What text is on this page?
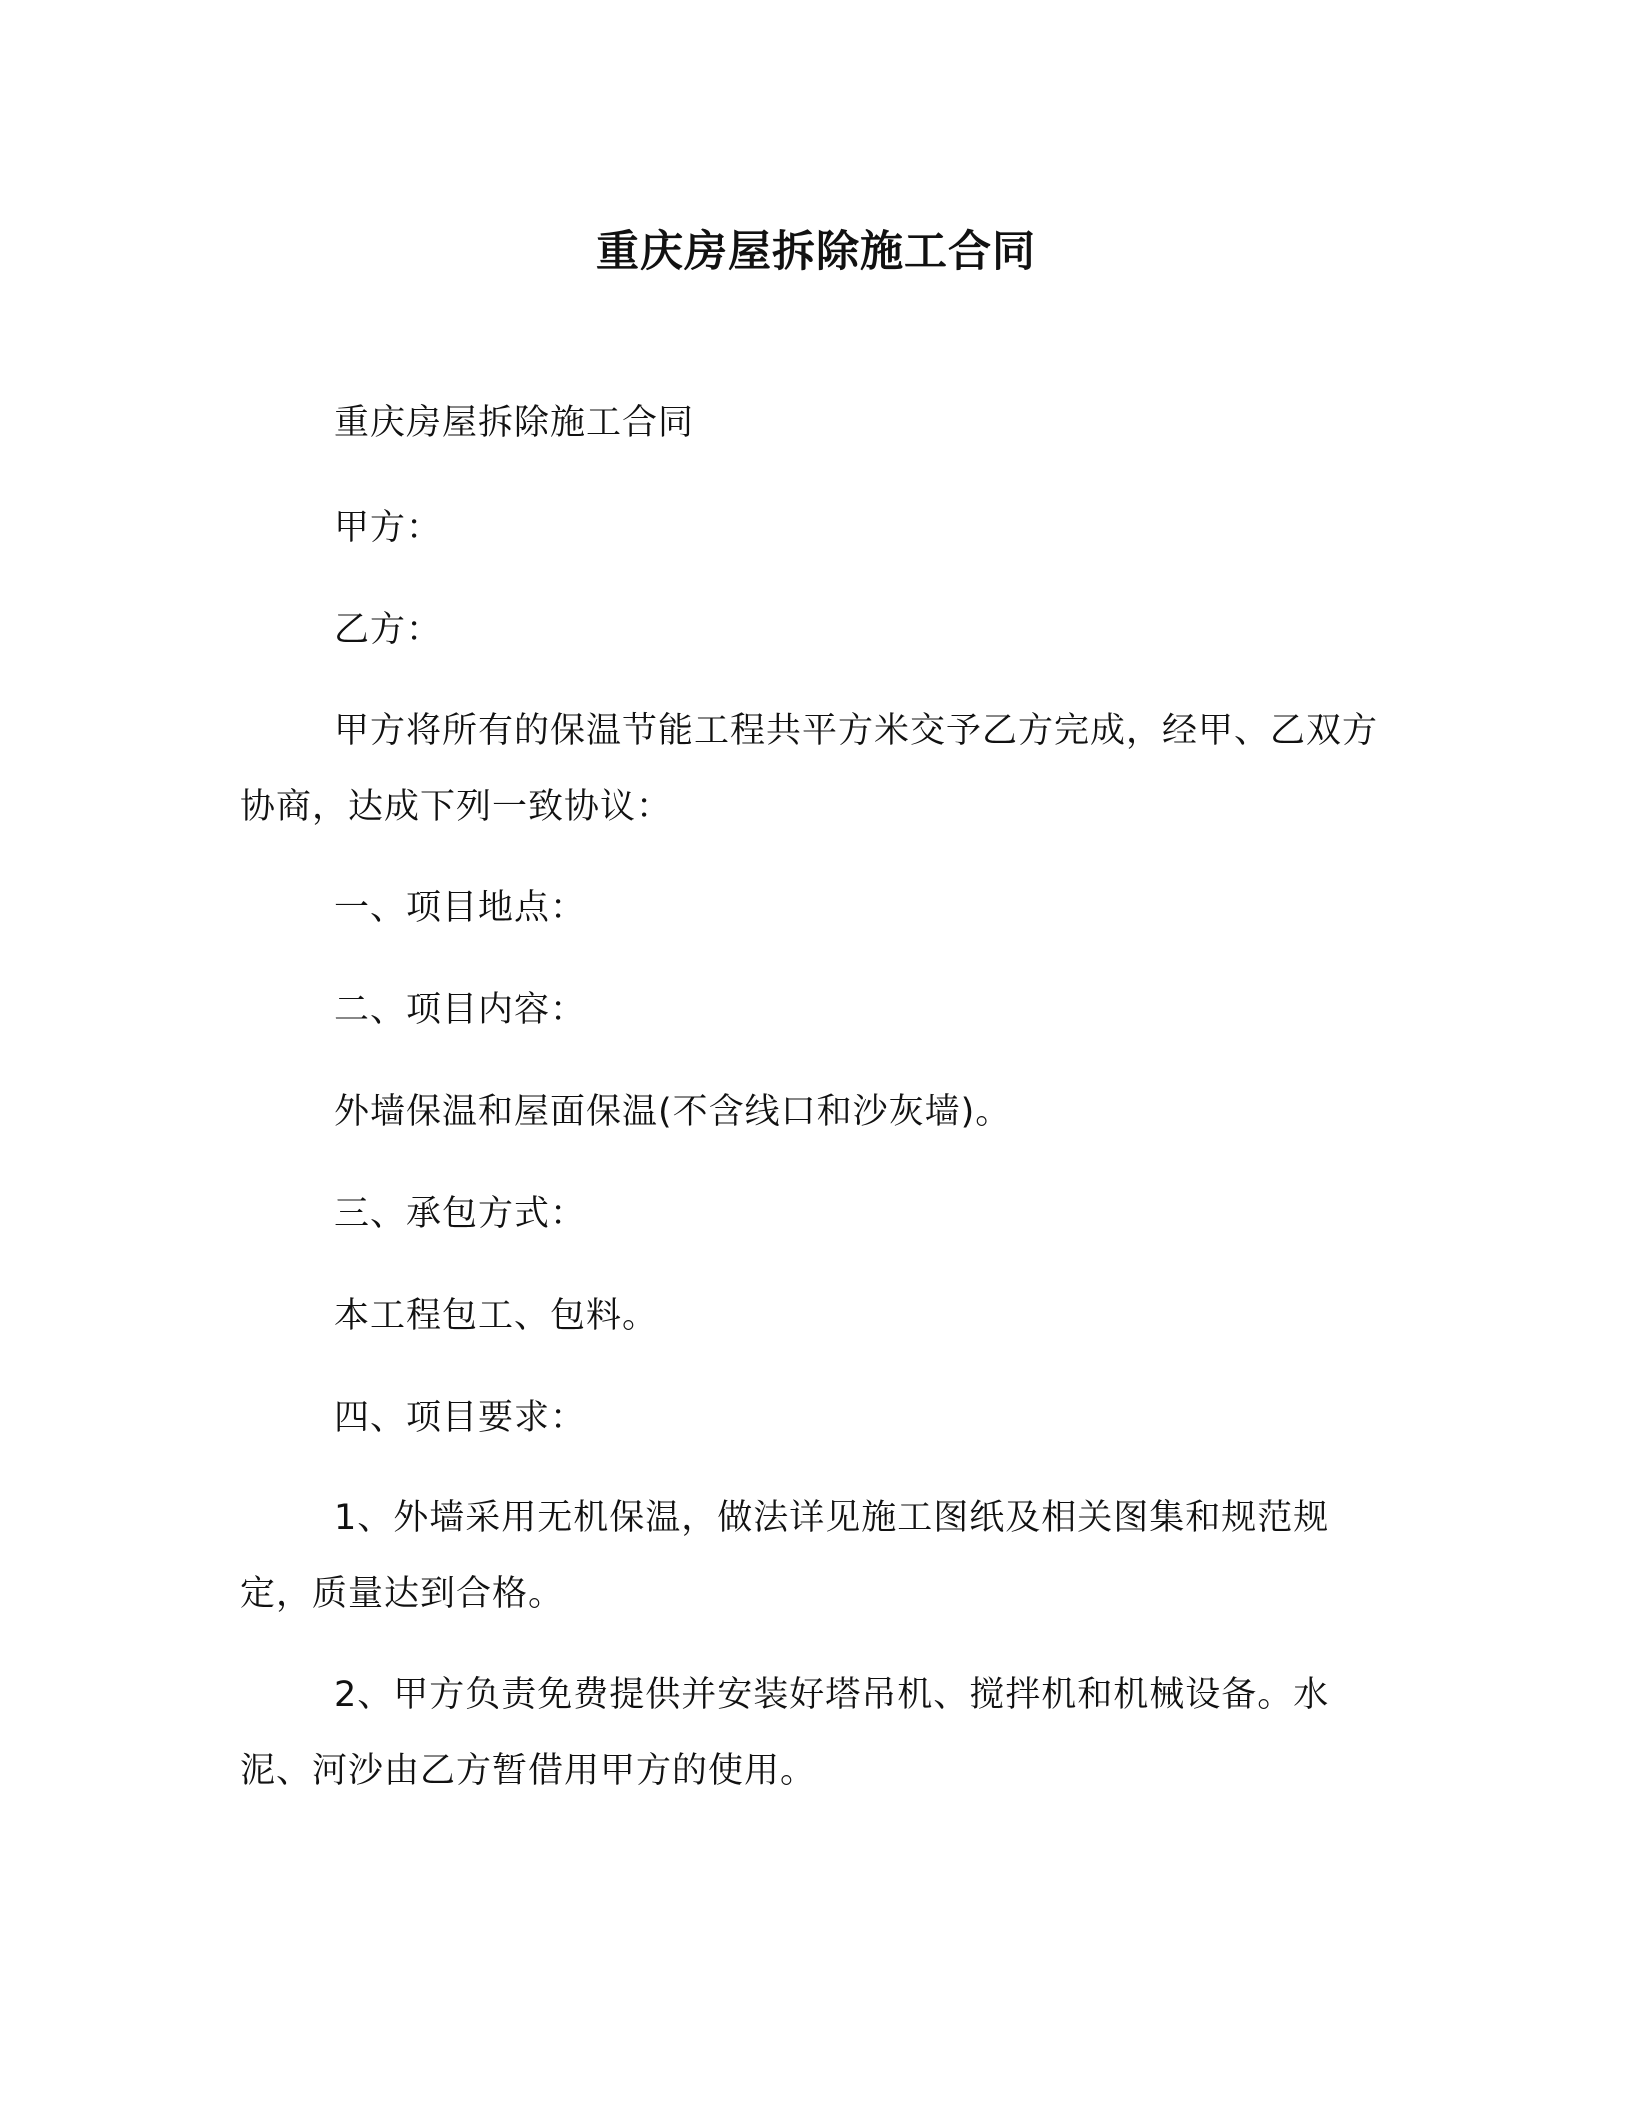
重庆房屋拆除施工合同

重庆房屋拆除施工合同

甲方：

乙方：

甲方将所有的保温节能工程共平方米交予乙方完成，经甲、乙双方协商，达成下列一致协议：

一、项目地点：

二、项目内容：

外墙保温和屋面保温(不含线口和沙灰墙)。

三、承包方式：

本工程包工、包料。

四、项目要求：

1、外墙采用无机保温，做法详见施工图纸及相关图集和规范规定，质量达到合格。

2、甲方负责免费提供并安装好塔吊机、搅拌机和机械设备。水泥、河沙由乙方暂借用甲方的使用。
